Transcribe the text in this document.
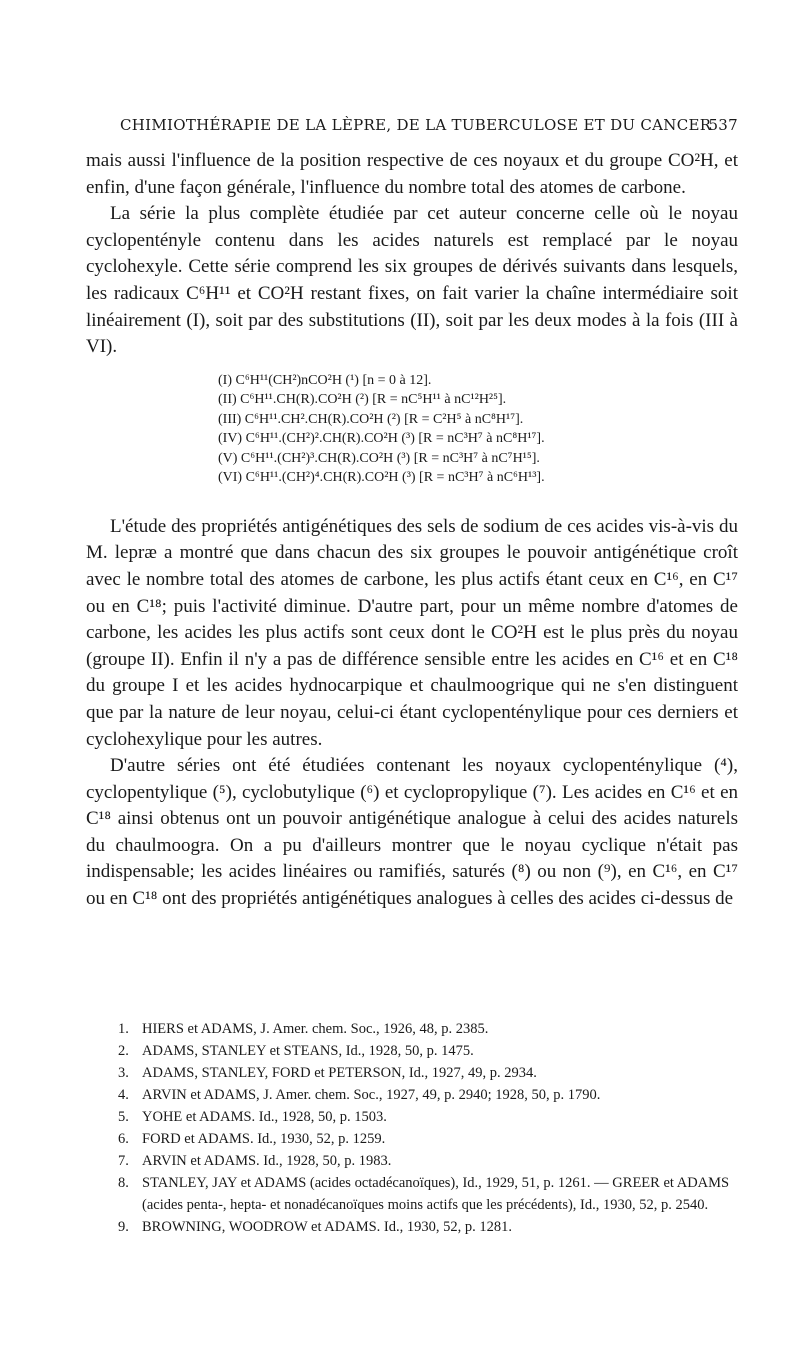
CHIMIOTHÉRAPIE DE LA LÈPRE, DE LA TUBERCULOSE ET DU CANCER
537

mais aussi l'influence de la position respective de ces noyaux et du groupe CO²H, et enfin, d'une façon générale, l'influence du nombre total des atomes de carbone.

La série la plus complète étudiée par cet auteur concerne celle où le noyau cyclopentényle contenu dans les acides naturels est remplacé par le noyau cyclohexyle. Cette série comprend les six groupes de dérivés suivants dans lesquels, les radicaux C⁶H¹¹ et CO²H restant fixes, on fait varier la chaîne intermédiaire soit linéairement (I), soit par des substitutions (II), soit par les deux modes à la fois (III à VI).

(I) C⁶H¹¹(CH²)nCO²H (¹) [n = 0 à 12].
(II) C⁶H¹¹.CH(R).CO²H (²) [R = nC⁵H¹¹ à nC¹²H²⁵].
(III) C⁶H¹¹.CH².CH(R).CO²H (²) [R = C²H⁵ à nC⁸H¹⁷].
(IV) C⁶H¹¹.(CH²)².CH(R).CO²H (³) [R = nC³H⁷ à nC⁸H¹⁷].
(V) C⁶H¹¹.(CH²)³.CH(R).CO²H (³) [R = nC³H⁷ à nC⁷H¹⁵].
(VI) C⁶H¹¹.(CH²)⁴.CH(R).CO²H (³) [R = nC³H⁷ à nC⁶H¹³].

L'étude des propriétés antigénétiques des sels de sodium de ces acides vis-à-vis du M. lepræ a montré que dans chacun des six groupes le pouvoir antigénétique croît avec le nombre total des atomes de carbone, les plus actifs étant ceux en C¹⁶, en C¹⁷ ou en C¹⁸; puis l'activité diminue. D'autre part, pour un même nombre d'atomes de carbone, les acides les plus actifs sont ceux dont le CO²H est le plus près du noyau (groupe II). Enfin il n'y a pas de différence sensible entre les acides en C¹⁶ et en C¹⁸ du groupe I et les acides hydnocarpique et chaulmoogrique qui ne s'en distinguent que par la nature de leur noyau, celui-ci étant cyclopenténylique pour ces derniers et cyclohexylique pour les autres.

D'autre séries ont été étudiées contenant les noyaux cyclopenténylique (⁴), cyclopentylique (⁵), cyclobutylique (⁶) et cyclopropylique (⁷). Les acides en C¹⁶ et en C¹⁸ ainsi obtenus ont un pouvoir antigénétique analogue à celui des acides naturels du chaulmoogra. On a pu d'ailleurs montrer que le noyau cyclique n'était pas indispensable; les acides linéaires ou ramifiés, saturés (⁸) ou non (⁹), en C¹⁶, en C¹⁷ ou en C¹⁸ ont des propriétés antigénétiques analogues à celles des acides ci-dessus de

1. HIERS et ADAMS, J. Amer. chem. Soc., 1926, 48, p. 2385.
2. ADAMS, STANLEY et STEANS, Id., 1928, 50, p. 1475.
3. ADAMS, STANLEY, FORD et PETERSON, Id., 1927, 49, p. 2934.
4. ARVIN et ADAMS, J. Amer. chem. Soc., 1927, 49, p. 2940; 1928, 50, p. 1790.
5. YOHE et ADAMS. Id., 1928, 50, p. 1503.
6. FORD et ADAMS. Id., 1930, 52, p. 1259.
7. ARVIN et ADAMS. Id., 1928, 50, p. 1983.
8. STANLEY, JAY et ADAMS (acides octadécanoïques), Id., 1929, 51, p. 1261. — GREER et ADAMS (acides penta-, hepta- et nonadécanoïques moins actifs que les précédents), Id., 1930, 52, p. 2540.
9. BROWNING, WOODROW et ADAMS. Id., 1930, 52, p. 1281.
